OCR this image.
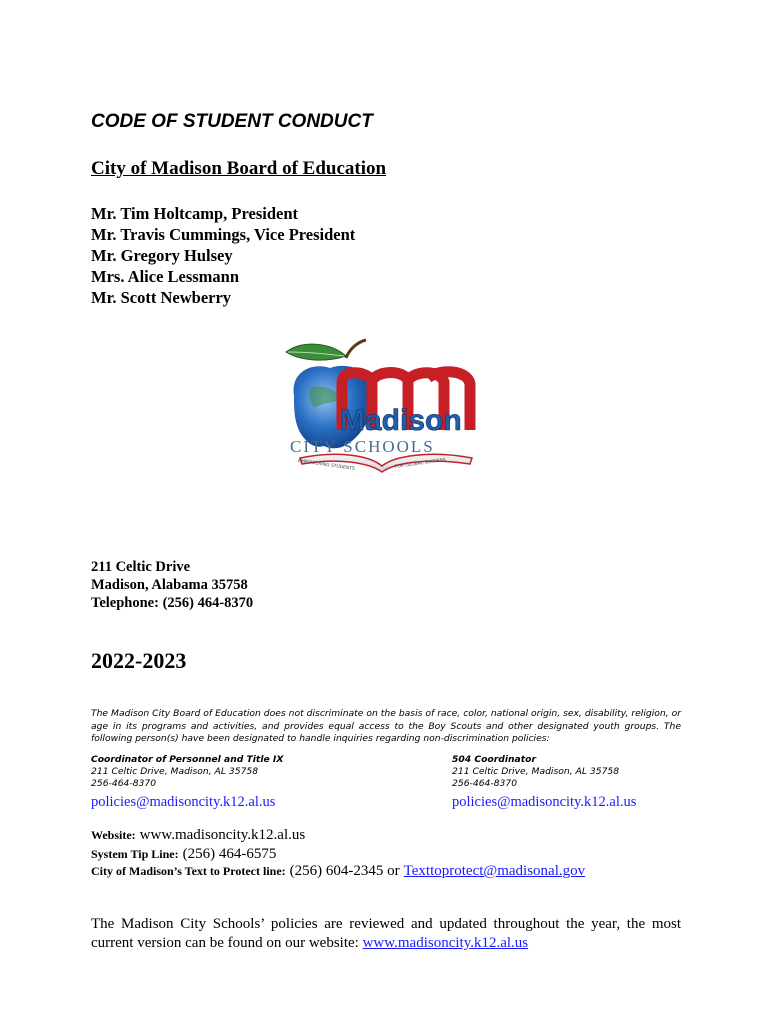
CODE OF STUDENT CONDUCT
City of Madison Board of Education
Mr. Tim Holtcamp, President
Mr. Travis Cummings, Vice President
Mr. Gregory Hulsey
Mrs. Alice Lessmann
Mr. Scott Newberry
Madison
CITY SCHOOLS
EMPOWERING STUDENTS	FOR GLOBAL SUCCESS
211 Celtic Drive
Madison, Alabama 35758
Telephone: (256) 464-8370
2022-2023

The Madison City Board of Education does not discriminate on the basis of race, color, national origin, sex, disability, religion, or age in its programs and activities, and provides equal access to the Boy Scouts and other designated youth groups. The following person(s) have been designated to handle inquiries regarding non-discrimination policies:

Coordinator of Personnel and Title IX
211 Celtic Drive, Madison, AL 35758
256-464-8370
policies@madisoncity.k12.al.us
504 Coordinator
211 Celtic Drive, Madison, AL 35758
256-464-8370
policies@madisoncity.k12.al.us
Website: www.madisoncity.k12.al.us
System Tip Line: (256) 464-6575
City of Madison’s Text to Protect line: (256) 604-2345 or Texttoprotect@madisonal.gov

The Madison City Schools’ policies are reviewed and updated throughout the year, the most current version can be found on our website: www.madisoncity.k12.al.us
